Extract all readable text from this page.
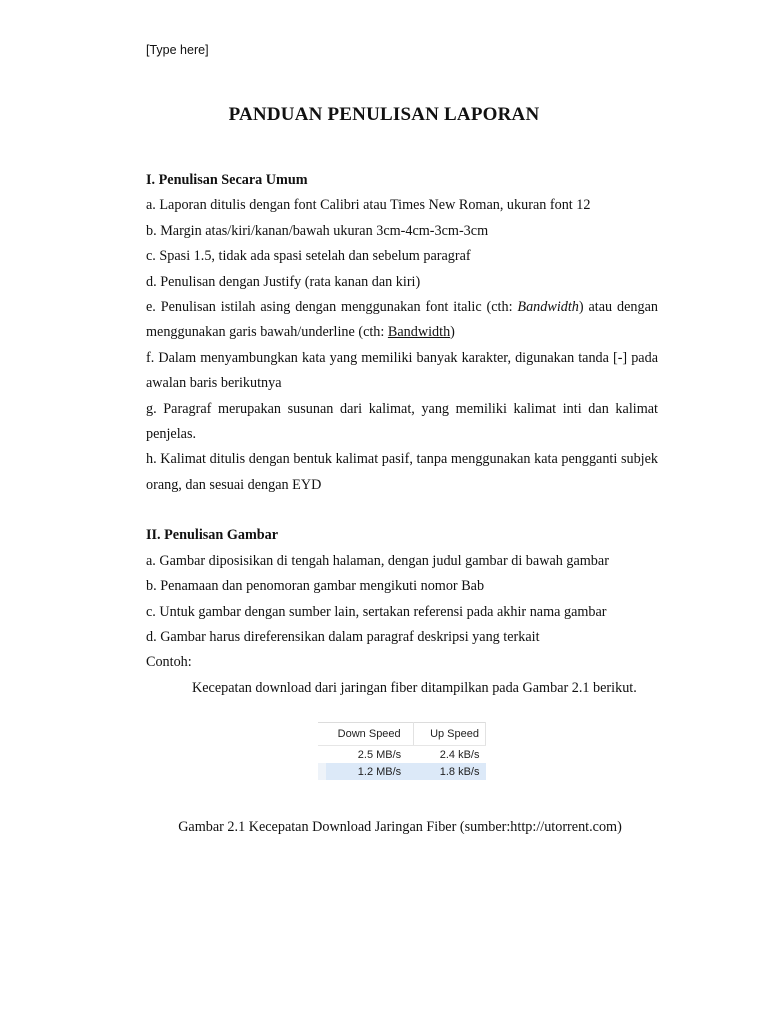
[Type here]
PANDUAN PENULISAN LAPORAN
I. Penulisan Secara Umum
a. Laporan ditulis dengan font Calibri atau Times New Roman, ukuran font 12
b. Margin atas/kiri/kanan/bawah ukuran 3cm-4cm-3cm-3cm
c. Spasi 1.5, tidak ada spasi setelah dan sebelum paragraf
d. Penulisan dengan Justify (rata kanan dan kiri)
e. Penulisan istilah asing dengan menggunakan font italic (cth: Bandwidth) atau dengan menggunakan garis bawah/underline (cth: Bandwidth)
f. Dalam menyambungkan kata yang memiliki banyak karakter, digunakan tanda [-] pada awalan baris berikutnya
g. Paragraf merupakan susunan dari kalimat, yang memiliki kalimat inti dan kalimat penjelas.
h. Kalimat ditulis dengan bentuk kalimat pasif, tanpa menggunakan kata pengganti subjek orang, dan sesuai dengan EYD
II. Penulisan Gambar
a. Gambar diposisikan di tengah halaman, dengan judul gambar di bawah gambar
b. Penamaan dan penomoran gambar mengikuti nomor Bab
c. Untuk gambar dengan sumber lain, sertakan referensi pada akhir nama gambar
d. Gambar harus direferensikan dalam paragraf deskripsi yang terkait
Contoh:
Kecepatan download dari jaringan fiber ditampilkan pada Gambar 2.1 berikut.
Down Speed	Up Speed
2.5 MB/s	2.4 kB/s
1.2 MB/s	1.8 kB/s
Gambar 2.1 Kecepatan Download Jaringan Fiber (sumber:http://utorrent.com)
